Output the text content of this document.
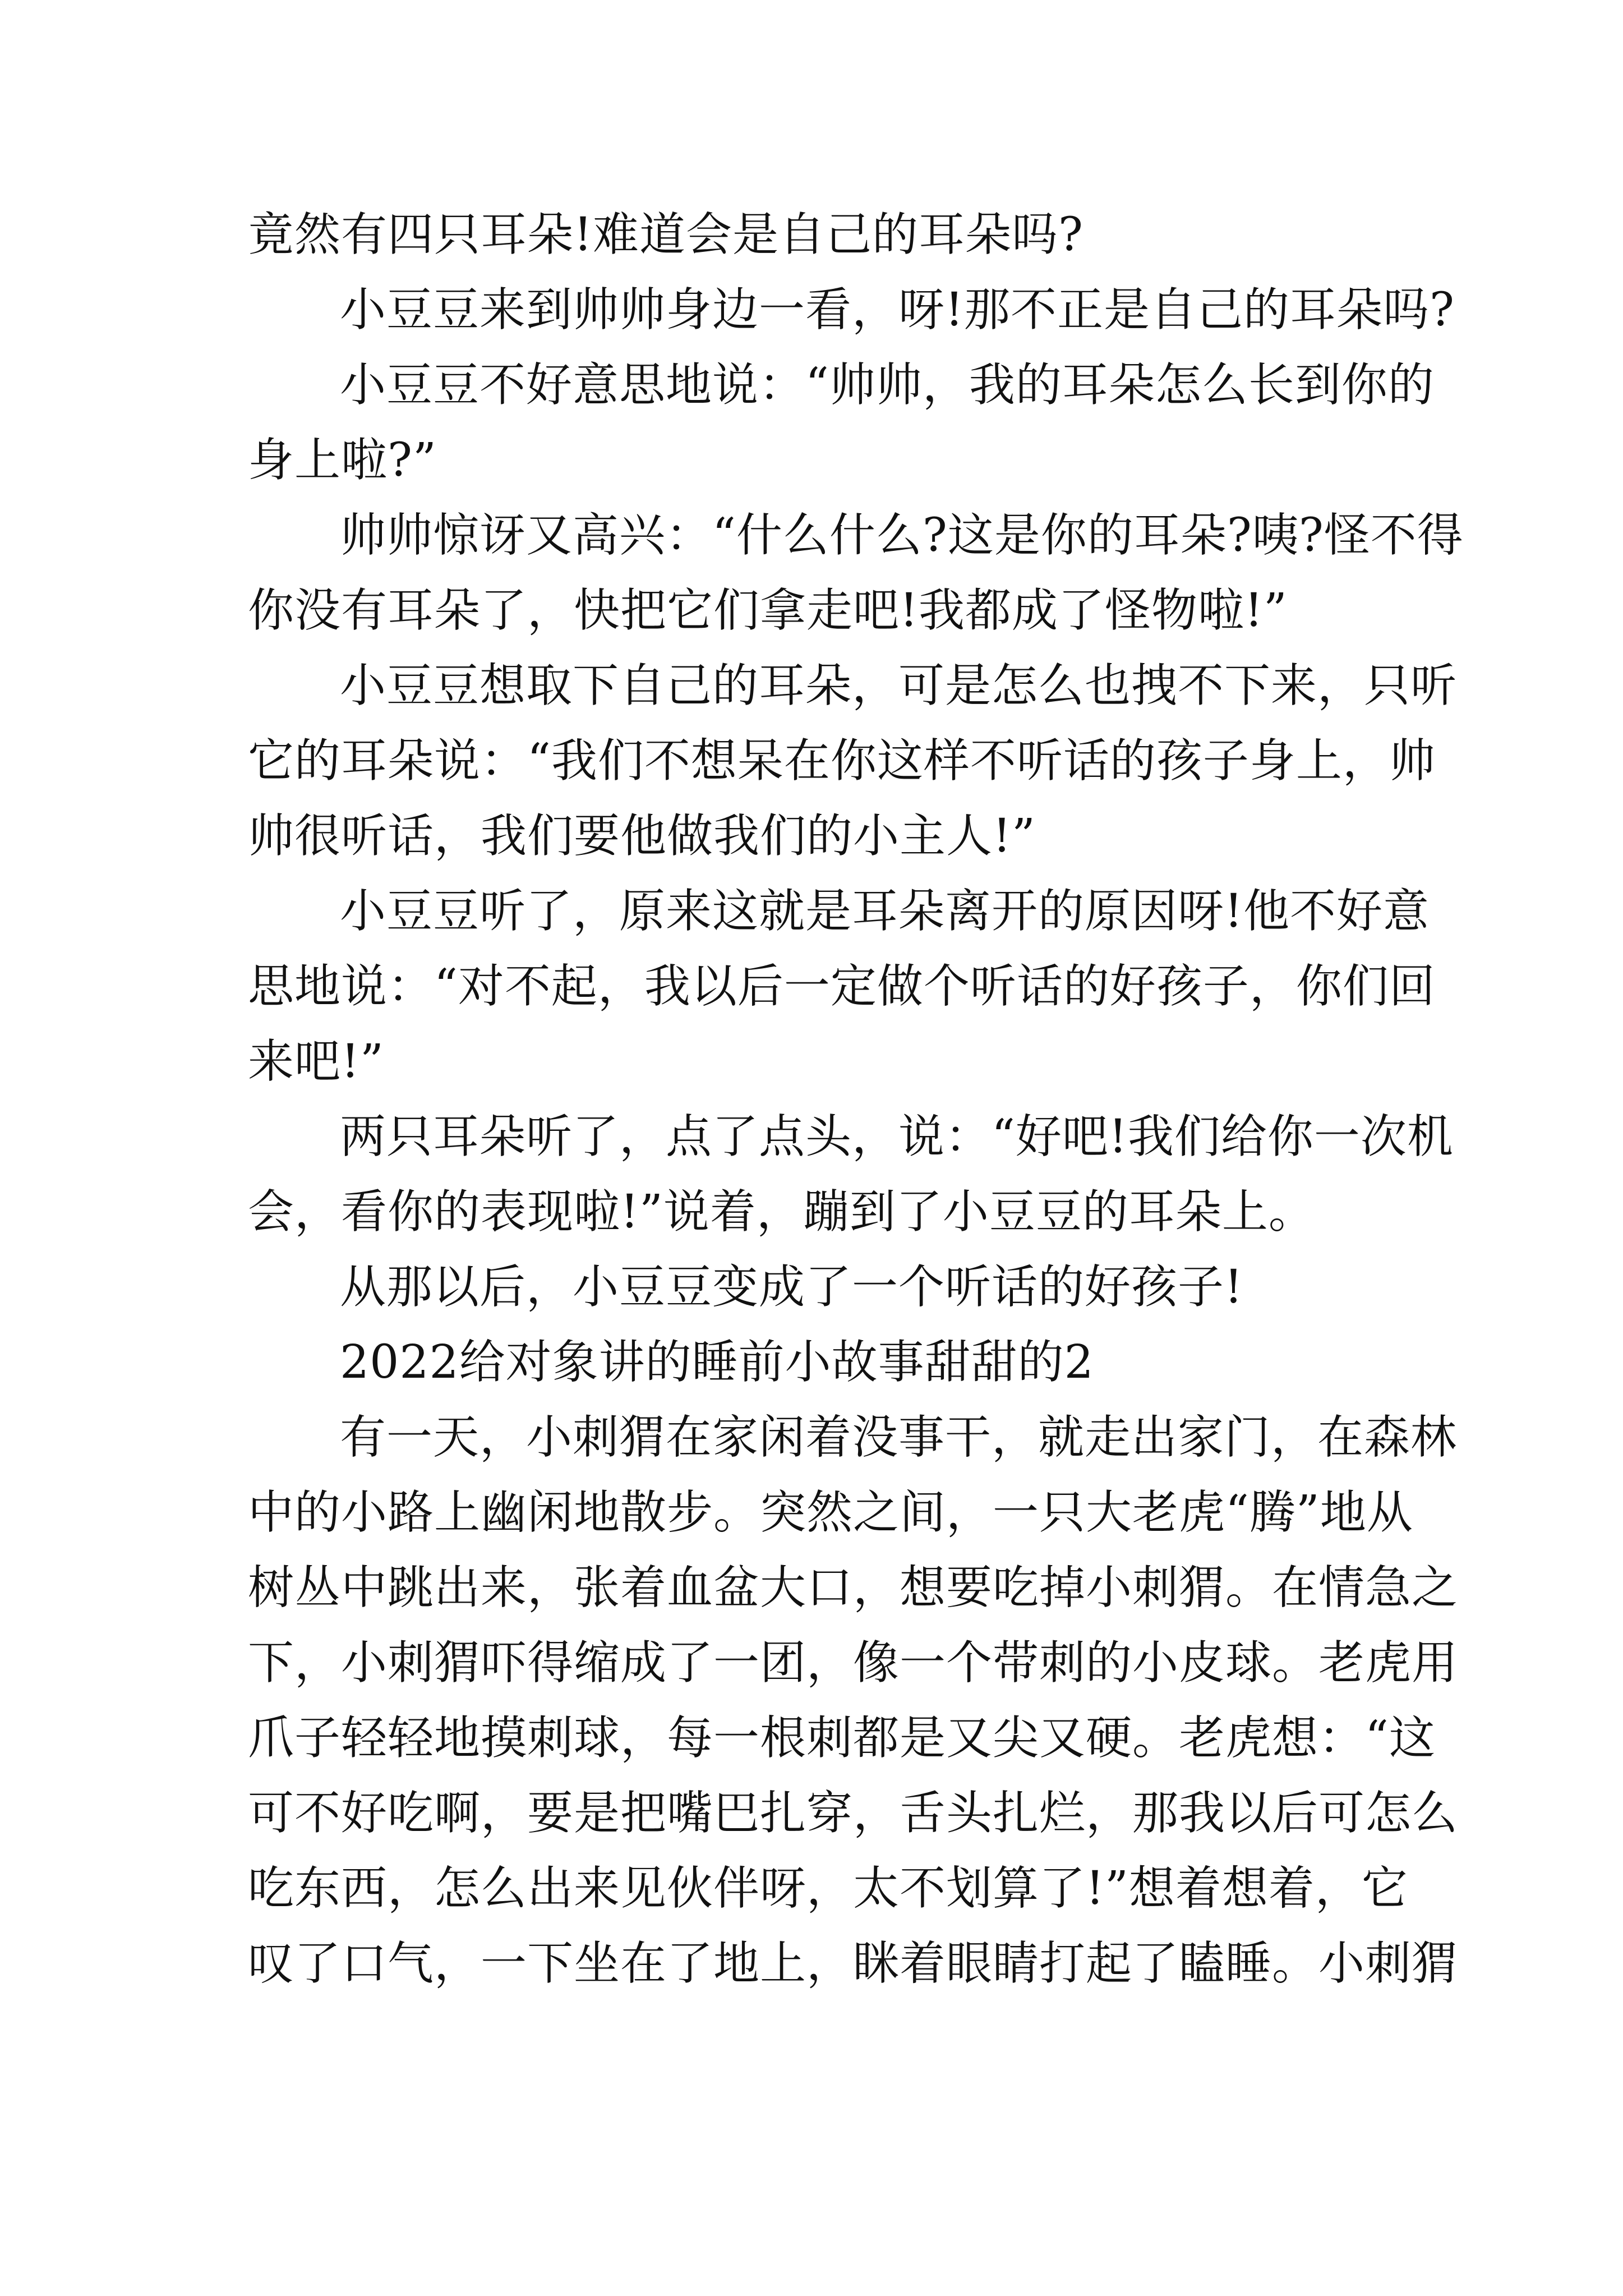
竟然有四只耳朵!难道会是自己的耳朵吗?
小豆豆来到帅帅身边一看，呀!那不正是自己的耳朵吗?
小豆豆不好意思地说：“帅帅，我的耳朵怎么长到你的
身上啦?”
帅帅惊讶又高兴：“什么什么?这是你的耳朵?咦?怪不得
你没有耳朵了，快把它们拿走吧!我都成了怪物啦!”
小豆豆想取下自己的耳朵，可是怎么也拽不下来，只听
它的耳朵说：“我们不想呆在你这样不听话的孩子身上，帅
帅很听话，我们要他做我们的小主人!”
小豆豆听了，原来这就是耳朵离开的原因呀!他不好意
思地说：“对不起，我以后一定做个听话的好孩子，你们回
来吧!”
两只耳朵听了，点了点头，说：“好吧!我们给你一次机
会，看你的表现啦!”说着，蹦到了小豆豆的耳朵上。
从那以后，小豆豆变成了一个听话的好孩子!
2022给对象讲的睡前小故事甜甜的2
有一天，小刺猬在家闲着没事干，就走出家门，在森林
中的小路上幽闲地散步。突然之间，一只大老虎“腾”地从
树丛中跳出来，张着血盆大口，想要吃掉小刺猬。在情急之
下，小刺猬吓得缩成了一团，像一个带刺的小皮球。老虎用
爪子轻轻地摸刺球，每一根刺都是又尖又硬。老虎想：“这
可不好吃啊，要是把嘴巴扎穿，舌头扎烂，那我以后可怎么
吃东西，怎么出来见伙伴呀，太不划算了!”想着想着，它
叹了口气，一下坐在了地上，眯着眼睛打起了瞌睡。小刺猬
